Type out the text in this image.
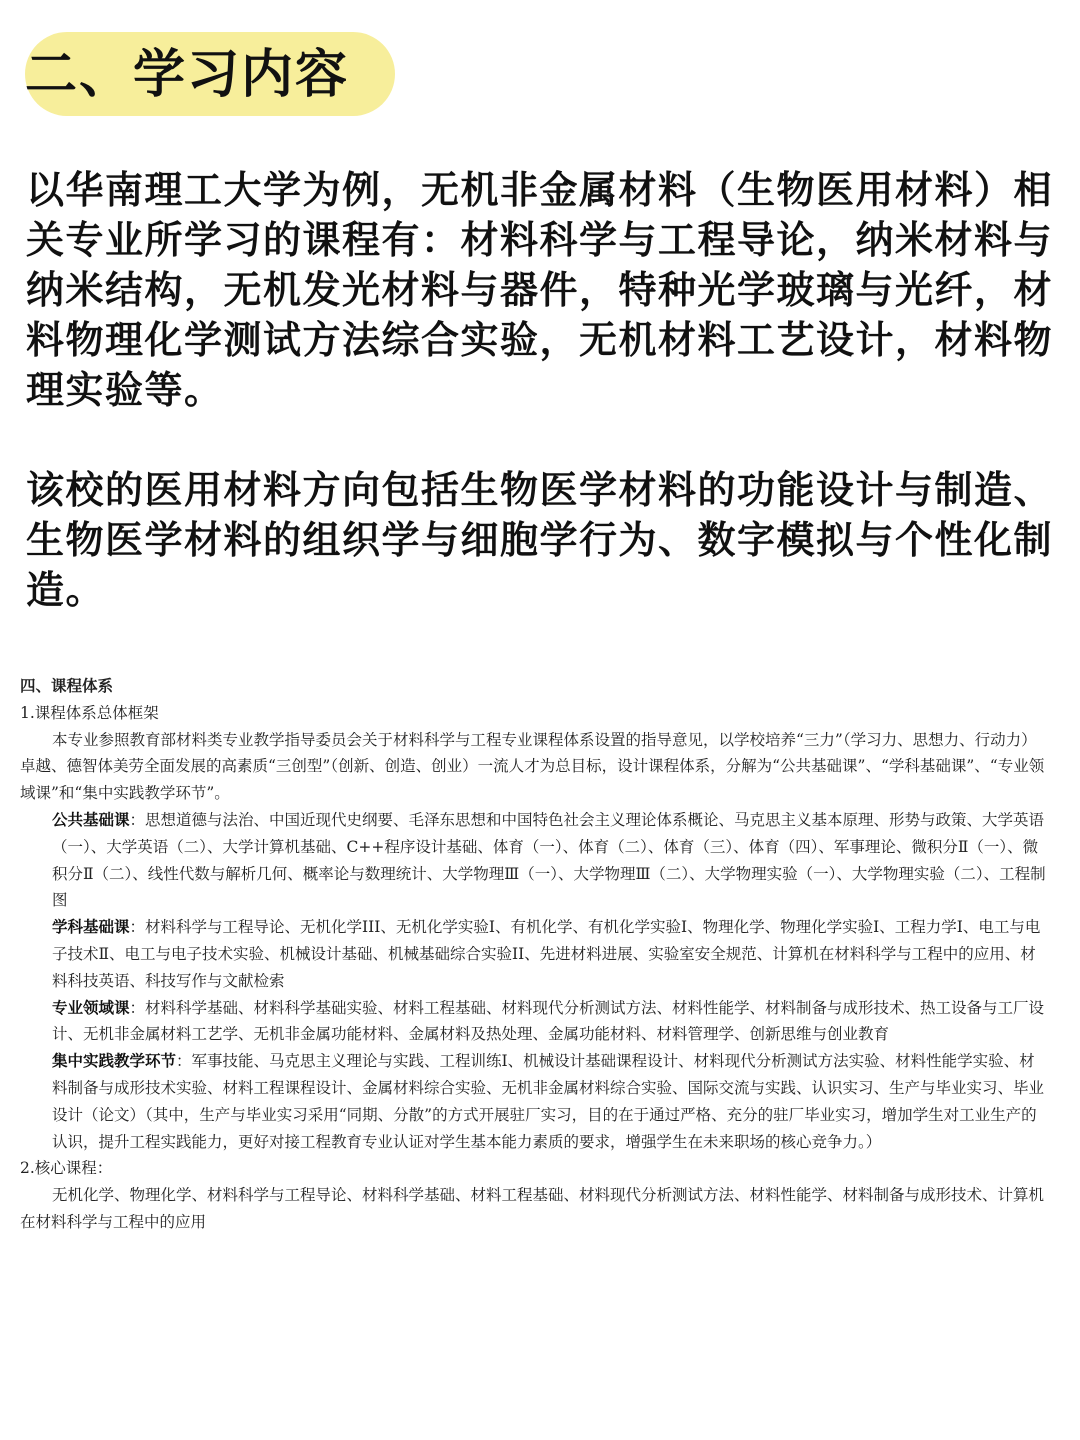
二、学习内容

以华南理工大学为例，无机非金属材料（生物医用材料）相关专业所学习的课程有：材料科学与工程导论，纳米材料与纳米结构，无机发光材料与器件，特种光学玻璃与光纤，材料物理化学测试方法综合实验，无机材料工艺设计，材料物理实验等。

该校的医用材料方向包括生物医学材料的功能设计与制造、生物医学材料的组织学与细胞学行为、数字模拟与个性化制造。

四、课程体系

1.课程体系总体框架

本专业参照教育部材料类专业教学指导委员会关于材料科学与工程专业课程体系设置的指导意见，以学校培养“三力”（学习力、思想力、行动力）卓越、德智体美劳全面发展的高素质“三创型”（创新、创造、创业）一流人才为总目标，设计课程体系，分解为“公共基础课”、“学科基础课”、“专业领域课”和“集中实践教学环节”。

公共基础课：思想道德与法治、中国近现代史纲要、毛泽东思想和中国特色社会主义理论体系概论、马克思主义基本原理、形势与政策、大学英语（一）、大学英语（二）、大学计算机基础、C++程序设计基础、体育（一）、体育（二）、体育（三）、体育（四）、军事理论、微积分Ⅱ（一）、微积分Ⅱ（二）、线性代数与解析几何、概率论与数理统计、大学物理Ⅲ（一）、大学物理Ⅲ（二）、大学物理实验（一）、大学物理实验（二）、工程制图

学科基础课：材料科学与工程导论、无机化学III、无机化学实验I、有机化学、有机化学实验I、物理化学、物理化学实验I、工程力学I、电工与电子技术Ⅱ、电工与电子技术实验、机械设计基础、机械基础综合实验II、先进材料进展、实验室安全规范、计算机在材料科学与工程中的应用、材料科技英语、科技写作与文献检索

专业领域课：材料科学基础、材料科学基础实验、材料工程基础、材料现代分析测试方法、材料性能学、材料制备与成形技术、热工设备与工厂设计、无机非金属材料工艺学、无机非金属功能材料、金属材料及热处理、金属功能材料、材料管理学、创新思维与创业教育

集中实践教学环节：军事技能、马克思主义理论与实践、工程训练Ⅰ、机械设计基础课程设计、材料现代分析测试方法实验、材料性能学实验、材料制备与成形技术实验、材料工程课程设计、金属材料综合实验、无机非金属材料综合实验、国际交流与实践、认识实习、生产与毕业实习、毕业设计（论文）（其中，生产与毕业实习采用“同期、分散”的方式开展驻厂实习，目的在于通过严格、充分的驻厂毕业实习，增加学生对工业生产的认识，提升工程实践能力，更好对接工程教育专业认证对学生基本能力素质的要求，增强学生在未来职场的核心竞争力。）

2.核心课程：

无机化学、物理化学、材料科学与工程导论、材料科学基础、材料工程基础、材料现代分析测试方法、材料性能学、材料制备与成形技术、计算机在材料科学与工程中的应用
